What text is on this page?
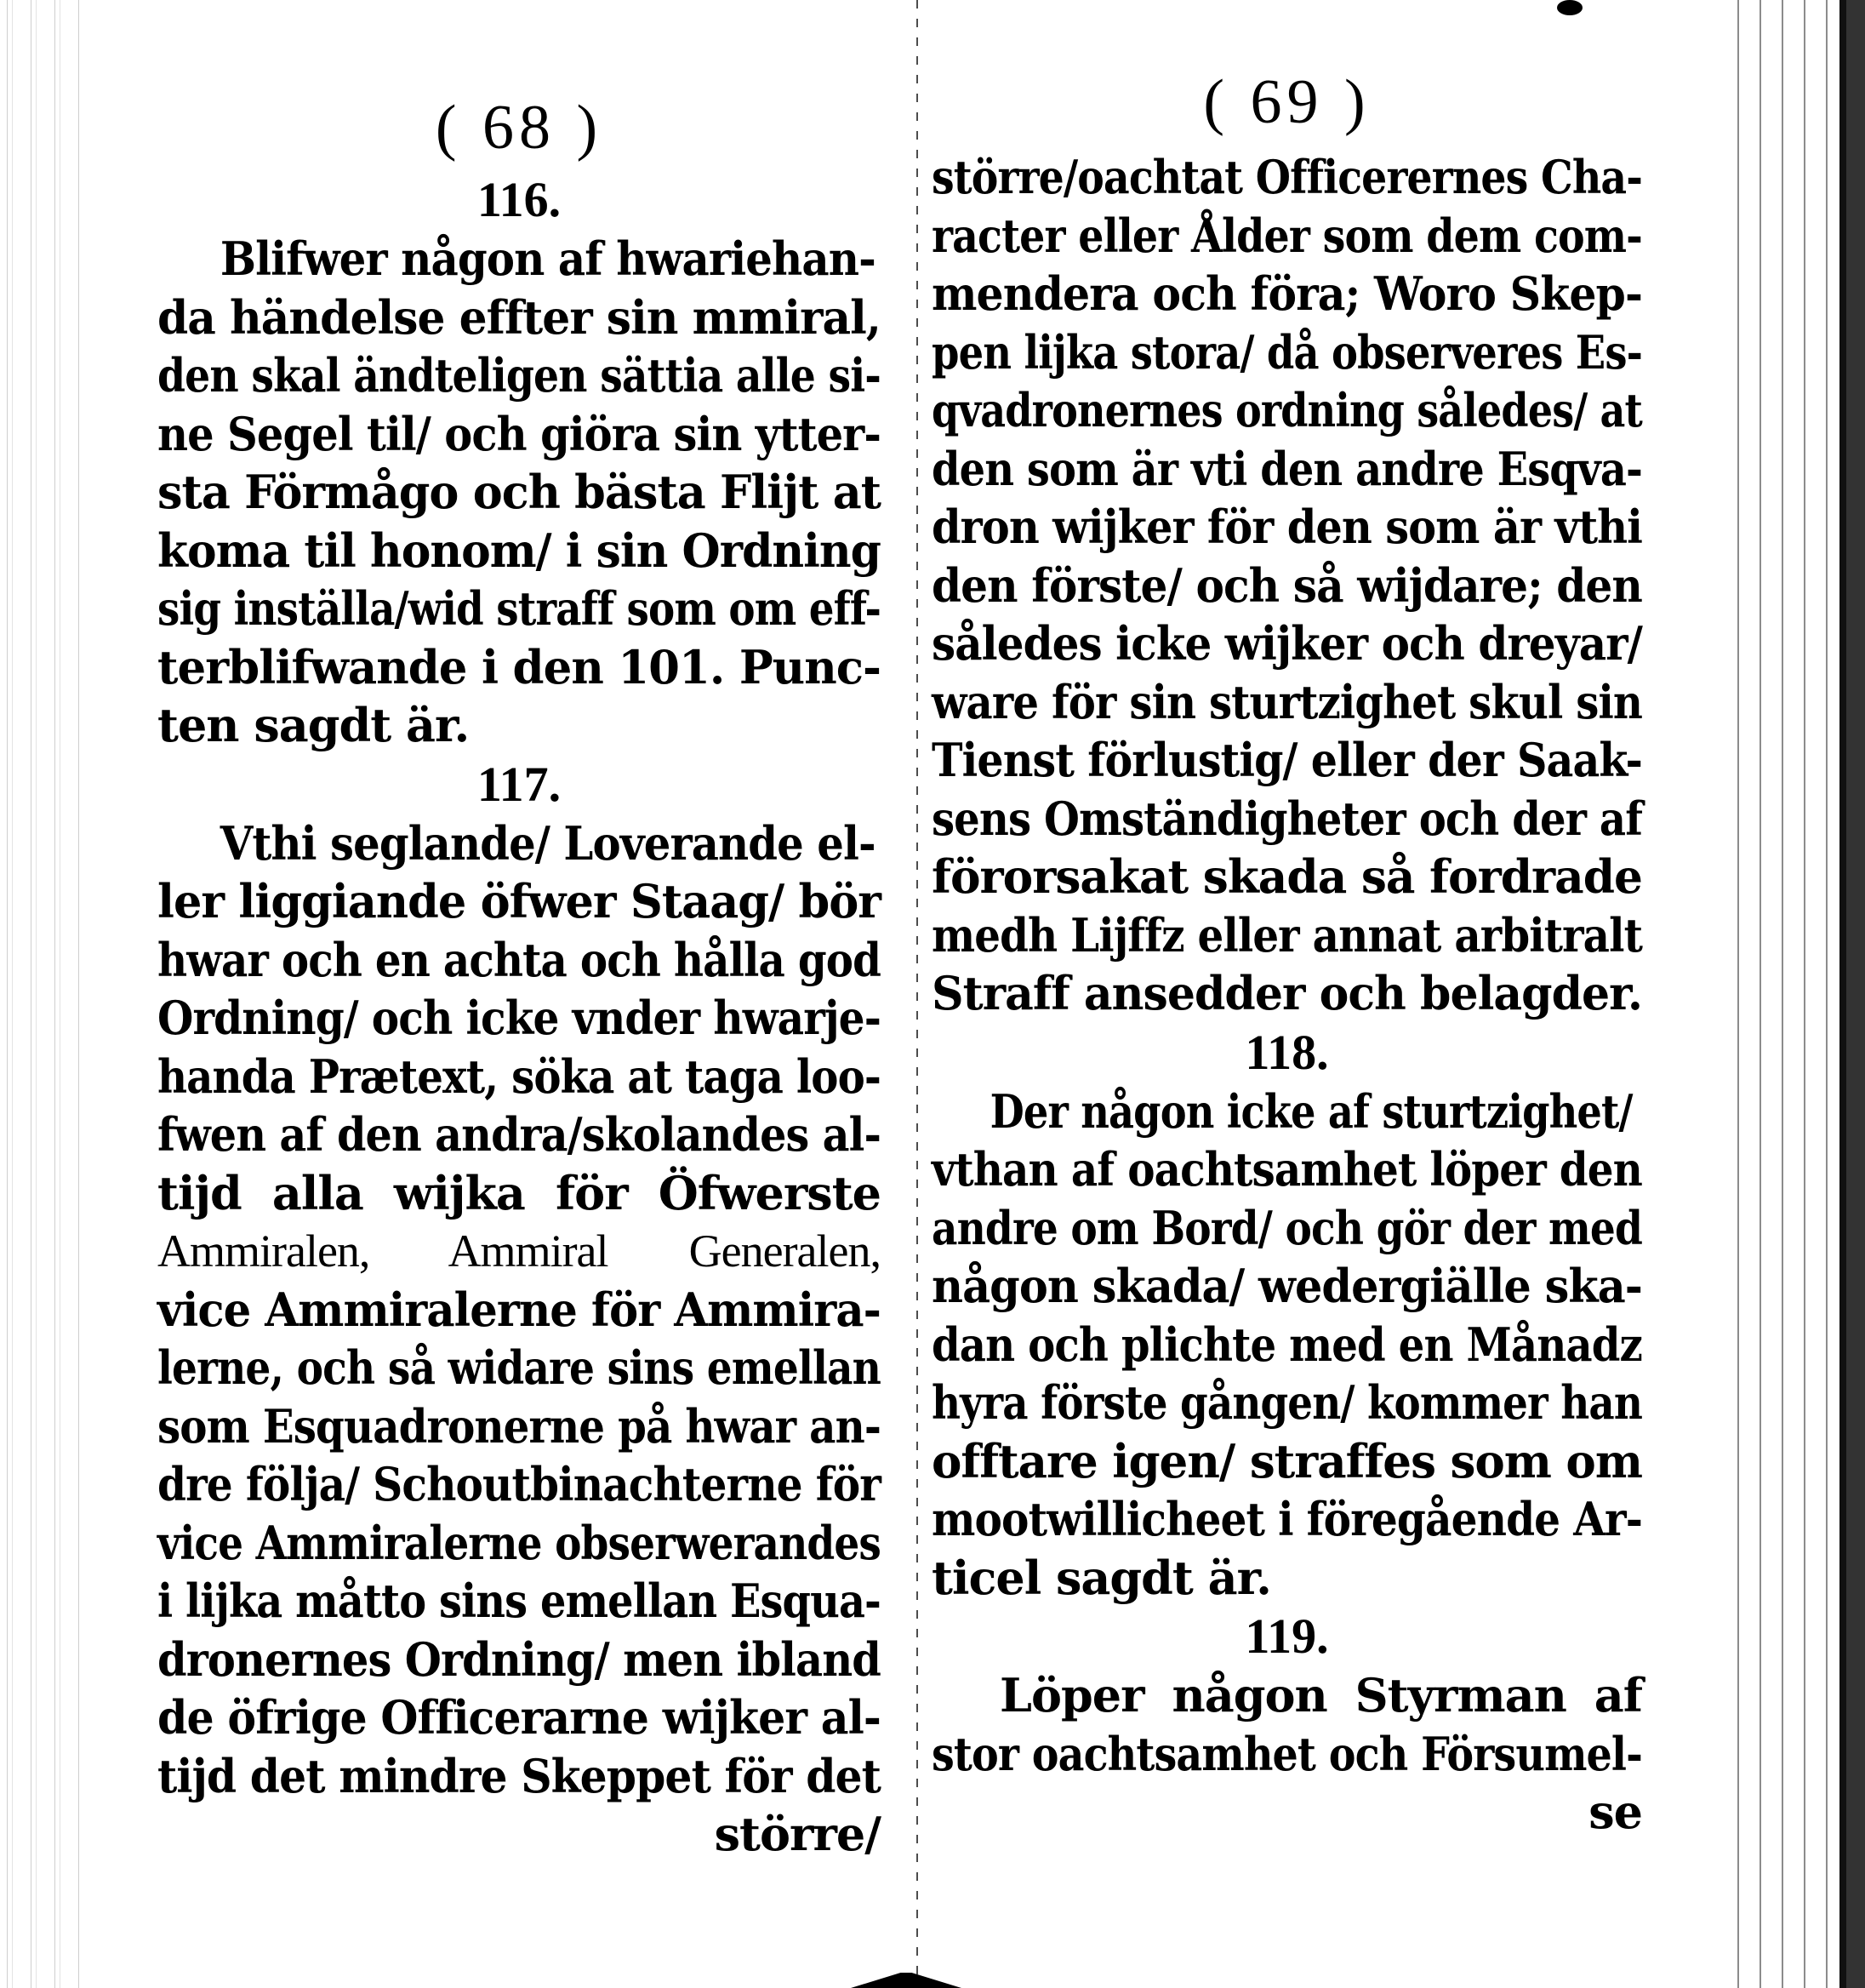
( 68 )
116.
Blifwer någon af hwariehan-
da händelse effter sin mmiral,
den skal ändteligen sättia alle si-
ne Segel til/ och giöra sin ytter-
sta Förmågo och bästa Flijt at
koma til honom/ i sin Ordning
sig inställa/wid straff som om eff-
terblifwande i den 101. Punc-
ten sagdt är.
117.
Vthi seglande/ Loverande el-
ler liggiande öfwer Staag/ bör
hwar och en achta och hålla god
Ordning/ och icke vnder hwarje-
handa Prætext, söka at taga loo-
fwen af den andra/skolandes al-
tijd alla wijka för Öfwerste
Ammiralen, Ammiral Generalen,
vice Ammiralerne för Ammira-
lerne, och så widare sins emellan
som Esquadronerne på hwar an-
dre följa/ Schoutbinachterne för
vice Ammiralerne obserwerandes
i lijka måtto sins emellan Esqua-
dronernes Ordning/ men ibland
de öfrige Officerarne wijker al-
tijd det mindre Skeppet för det
större/
( 69 )
större/oachtat Officerernes Cha-
racter eller Ålder som dem com-
mendera och föra; Woro Skep-
pen lijka stora/ då observeres Es-
qvadronernes ordning således/ at
den som är vti den andre Esqva-
dron wijker för den som är vthi
den förste/ och så wijdare; den
således icke wijker och dreyar/
ware för sin sturtzighet skul sin
Tienst förlustig/ eller der Saak-
sens Omständigheter och der af
förorsakat skada så fordrade
medh Lijffz eller annat arbitralt
Straff ansedder och belagder.
118.
Der någon icke af sturtzighet/
vthan af oachtsamhet löper den
andre om Bord/ och gör der med
någon skada/ wedergiälle ska-
dan och plichte med en Månadz
hyra förste gången/ kommer han
offtare igen/ straffes som om
mootwillicheet i föregående Ar-
ticel sagdt är.
119.
Löper någon Styrman af
stor oachtsamhet och Försumel-
se
